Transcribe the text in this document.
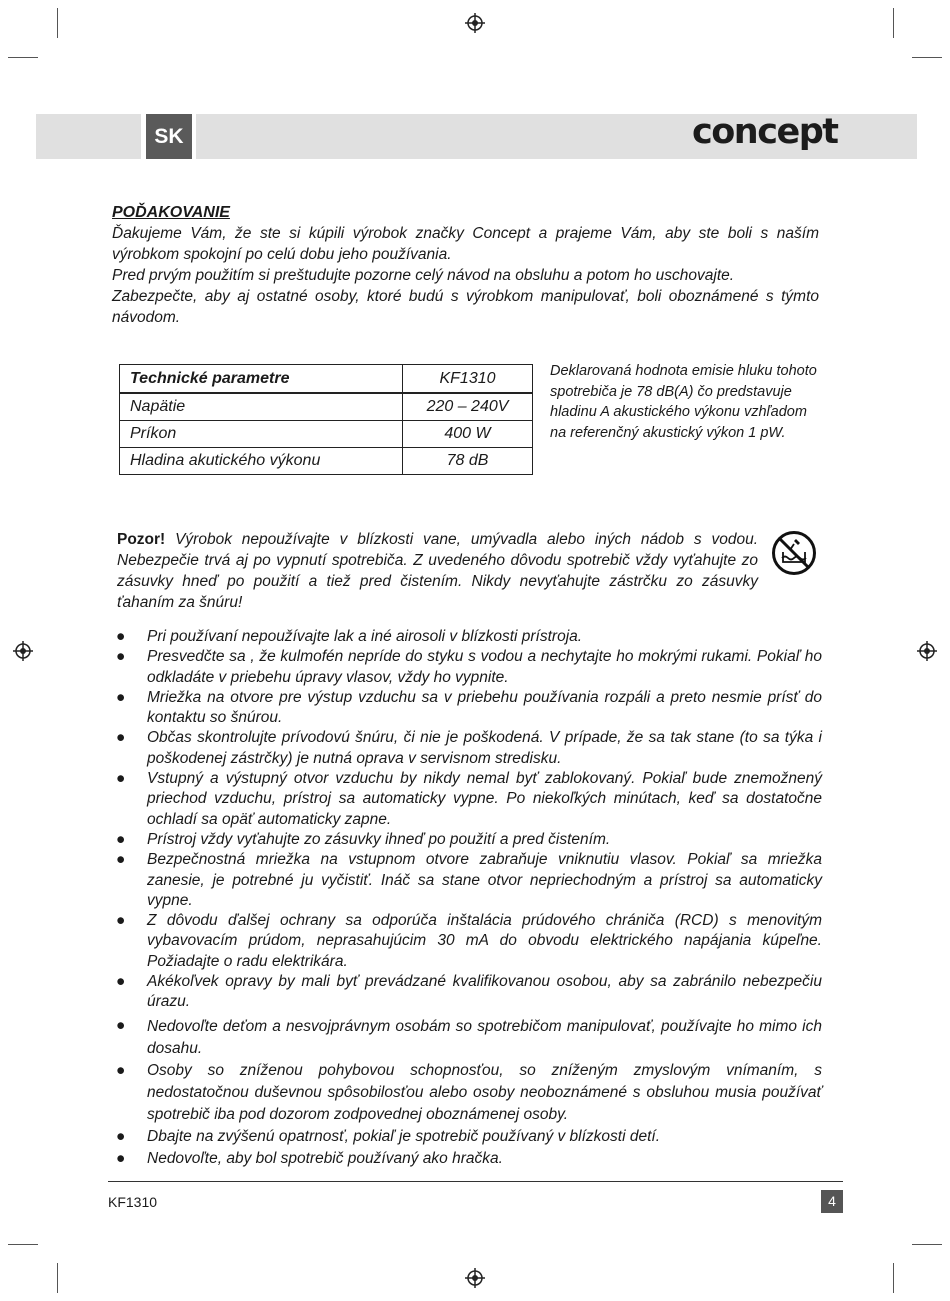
SK	concept
POĎAKOVANIE

Ďakujeme Vám, že ste si kúpili výrobok značky Concept a prajeme Vám, aby ste boli s naším výrobkom spokojní po celú dobu jeho používania.

Pred prvým použitím si preštudujte pozorne celý návod na obsluhu a potom ho uschovajte.

Zabezpečte, aby aj ostatné osoby, ktoré budú s výrobkom manipulovať, boli oboznámené s týmto návodom.

Technické parametre	KF1310
Napätie	220 – 240V
Príkon	400 W
Hladina akutického výkonu	78 dB
Deklarovaná hodnota emisie hluku tohoto spotrebiča je 78 dB(A) čo predstavuje hladinu A akustického výkonu vzhľadom na referenčný akustický výkon 1 pW.
Pozor! Výrobok nepoužívajte v blízkosti vane, umývadla alebo iných nádob s vodou. Nebezpečie trvá aj po vypnutí spotrebiča. Z uvedeného dôvodu spotrebič vždy vyťahujte zo zásuvky hneď po použití a tiež pred čistením. Nikdy nevyťahujte zástrčku zo zásuvky ťahaním za šnúru!
● Pri používaní nepoužívajte lak a iné airosoli v blízkosti prístroja.
● Presvedčte sa , že kulmofén nepríde do styku s vodou a nechytajte ho mokrými rukami. Pokiaľ ho odkladáte v priebehu úpravy vlasov, vždy ho vypnite.
● Mriežka na otvore pre výstup vzduchu sa v priebehu používania rozpáli a preto nesmie prísť do kontaktu so šnúrou.
● Občas skontrolujte prívodovú šnúru, či nie je poškodená. V prípade, že sa tak stane (to sa týka i poškodenej zástrčky) je nutná oprava v servisnom stredisku.
● Vstupný a výstupný otvor vzduchu by nikdy nemal byť zablokovaný. Pokiaľ bude znemožnený priechod vzduchu, prístroj sa automaticky vypne. Po niekoľkých minútach, keď sa dostatočne ochladí sa opäť automaticky zapne.
● Prístroj vždy vyťahujte zo zásuvky ihneď po použití a pred čistením.
● Bezpečnostná mriežka na vstupnom otvore zabraňuje vniknutiu vlasov. Pokiaľ sa mriežka zanesie, je potrebné ju vyčistiť. Ináč sa stane otvor nepriechodným a prístroj sa automaticky vypne.
● Z dôvodu ďalšej ochrany sa odporúča inštalácia prúdového chrániča (RCD) s menovitým vybavovacím prúdom, neprasahujúcim 30 mA do obvodu elektrického napájania kúpeľne. Požiadajte o radu elektrikára.
● Akékoľvek opravy by mali byť prevádzané kvalifikovanou osobou, aby sa zabránilo nebezpečiu úrazu.
● Nedovoľte deťom a nesvojprávnym osobám so spotrebičom manipulovať, používajte ho mimo ich dosahu.
● Osoby so zníženou pohybovou schopnosťou, so zníženým zmyslovým vnímaním, s nedostatočnou duševnou spôsobilosťou alebo osoby neoboznámené s obsluhou musia používať spotrebič iba pod dozorom zodpovednej oboznámenej osoby.
● Dbajte na zvýšenú opatrnosť, pokiaľ je spotrebič používaný v blízkosti detí.
● Nedovoľte, aby bol spotrebič používaný ako hračka.
KF1310	4
